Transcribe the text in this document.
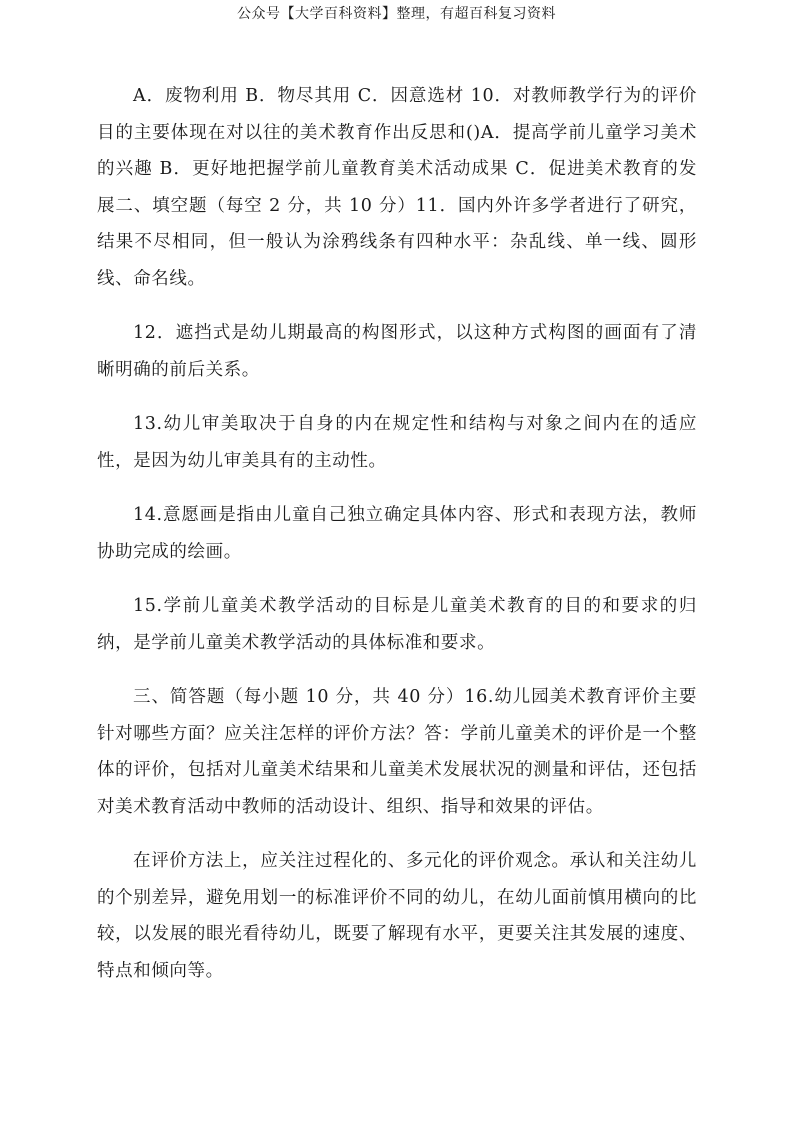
公众号【大学百科资料】整理，有超百科复习资料

A．废物利用 B．物尽其用 C．因意选材 10．对教师教学行为的评价目的主要体现在对以往的美术教育作出反思和()A．提高学前儿童学习美术的兴趣 B．更好地把握学前儿童教育美术活动成果 C．促进美术教育的发展二、填空题（每空 2 分，共 10 分）11．国内外许多学者进行了研究，结果不尽相同，但一般认为涂鸦线条有四种水平：杂乱线、单一线、圆形线、命名线。

12．遮挡式是幼儿期最高的构图形式，以这种方式构图的画面有了清晰明确的前后关系。

13.幼儿审美取决于自身的内在规定性和结构与对象之间内在的适应性，是因为幼儿审美具有的主动性。

14.意愿画是指由儿童自己独立确定具体内容、形式和表现方法，教师协助完成的绘画。

15.学前儿童美术教学活动的目标是儿童美术教育的目的和要求的归纳，是学前儿童美术教学活动的具体标准和要求。

三、简答题（每小题 10 分，共 40 分）16.幼儿园美术教育评价主要针对哪些方面？应关注怎样的评价方法？答：学前儿童美术的评价是一个整体的评价，包括对儿童美术结果和儿童美术发展状况的测量和评估，还包括对美术教育活动中教师的活动设计、组织、指导和效果的评估。

在评价方法上，应关注过程化的、多元化的评价观念。承认和关注幼儿的个别差异，避免用划一的标准评价不同的幼儿，在幼儿面前慎用横向的比较，以发展的眼光看待幼儿，既要了解现有水平，更要关注其发展的速度、特点和倾向等。
